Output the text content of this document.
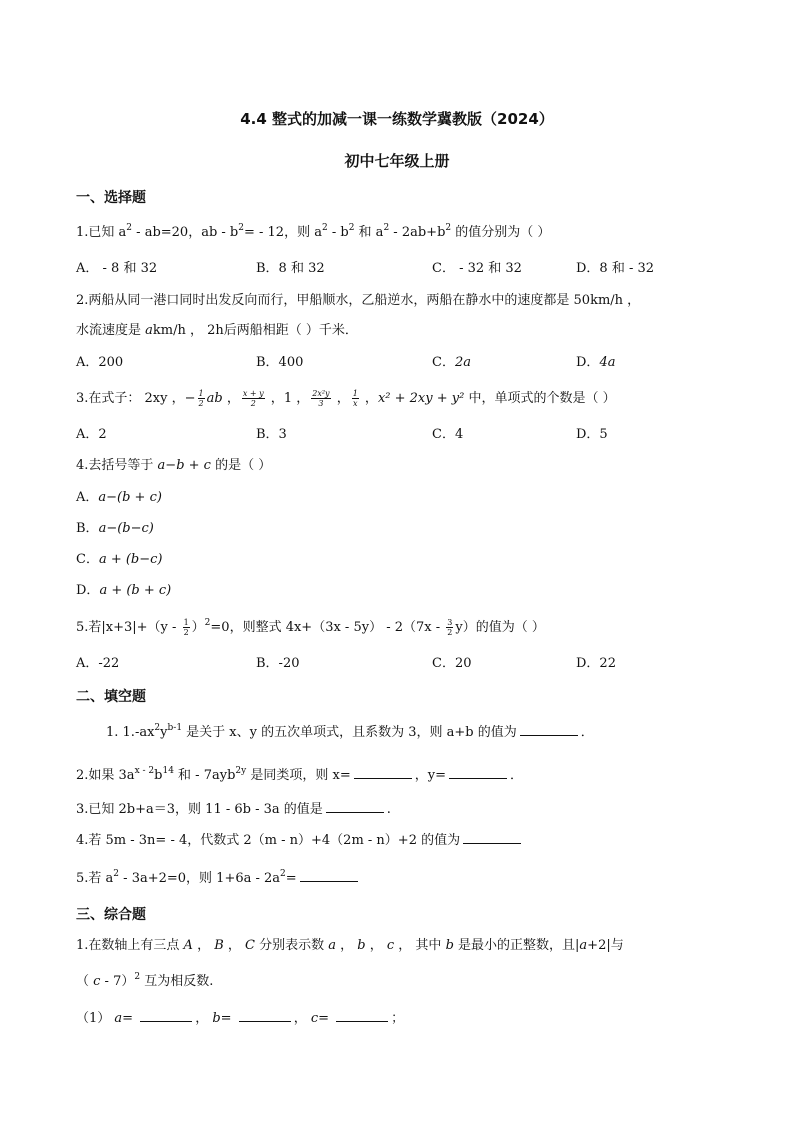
4.4 整式的加减一课一练数学冀教版（2024）
初中七年级上册
一、选择题
1.已知 $a^2 - ab=20$，ab - $b^2= - 12$，则 $a^2 - b^2$ 和 $a^2 - 2ab+b^2$ 的值分别为（ ）
A． - 8 和 32	B．8 和 32	C． - 32 和 32	D．8 和 - 32
2.两船从同一港口同时出发反向而行，甲船顺水，乙船逆水，两船在静水中的速度都是 50km/h ，
水流速度是 akm/h ， 2h后两船相距（ ）千米．
A．200	B．400	C．2a	D．4a
3.在式子： 2xy ，− $\frac{1}{2}$ ab ， $\frac{x + y}{2}$ ，1 ， $\frac{\text{2x²y}}{3}$ ， $\frac{1}{x}$ ，x² + 2xy + y² 中，单项式的个数是（ ）
A．2	B．3	C．4	D．5
4.去括号等于 a−b + c 的是（ ）
A．a−(b + c)
B．a−(b−c)
C．a + (b−c)
D．a + (b + c)
5.若$|x+3|+(y - \frac{1}{2} )^2=0$，则整式 $4x+(3x - 5y) - 2(7x - \frac{3}{2} y)$的值为（ ）
A．-22	B．-20	C．20	D．22
二、填空题
1. $1.-ax^2y^{b-1}$ 是关于 x、y 的五次单项式，且系数为 3，则 a+b 的值为	．
2.如果 $3a^{x - 2}b^{14}$ 和 - 7ayb$^{2y}$ 是同类项，则 x=	，y=	．
3.已知 2b+a＝3，则 11 - 6b - 3a 的值是	.
4.若 5m - 3n= - 4，代数式 2（m - n）+4（2m - n）+2 的值为
5.若 $a^2 - 3a+2=0$，则 $1+6a - 2a^2=$
三、综合题
1.在数轴上有三点 A ， B ， C 分别表示数 a ， b ， c ， 其中 b 是最小的正整数，且|a+2|与
（ c - 7）$^2$ 互为相反数.
（1） a=	， b=	， c=	；
